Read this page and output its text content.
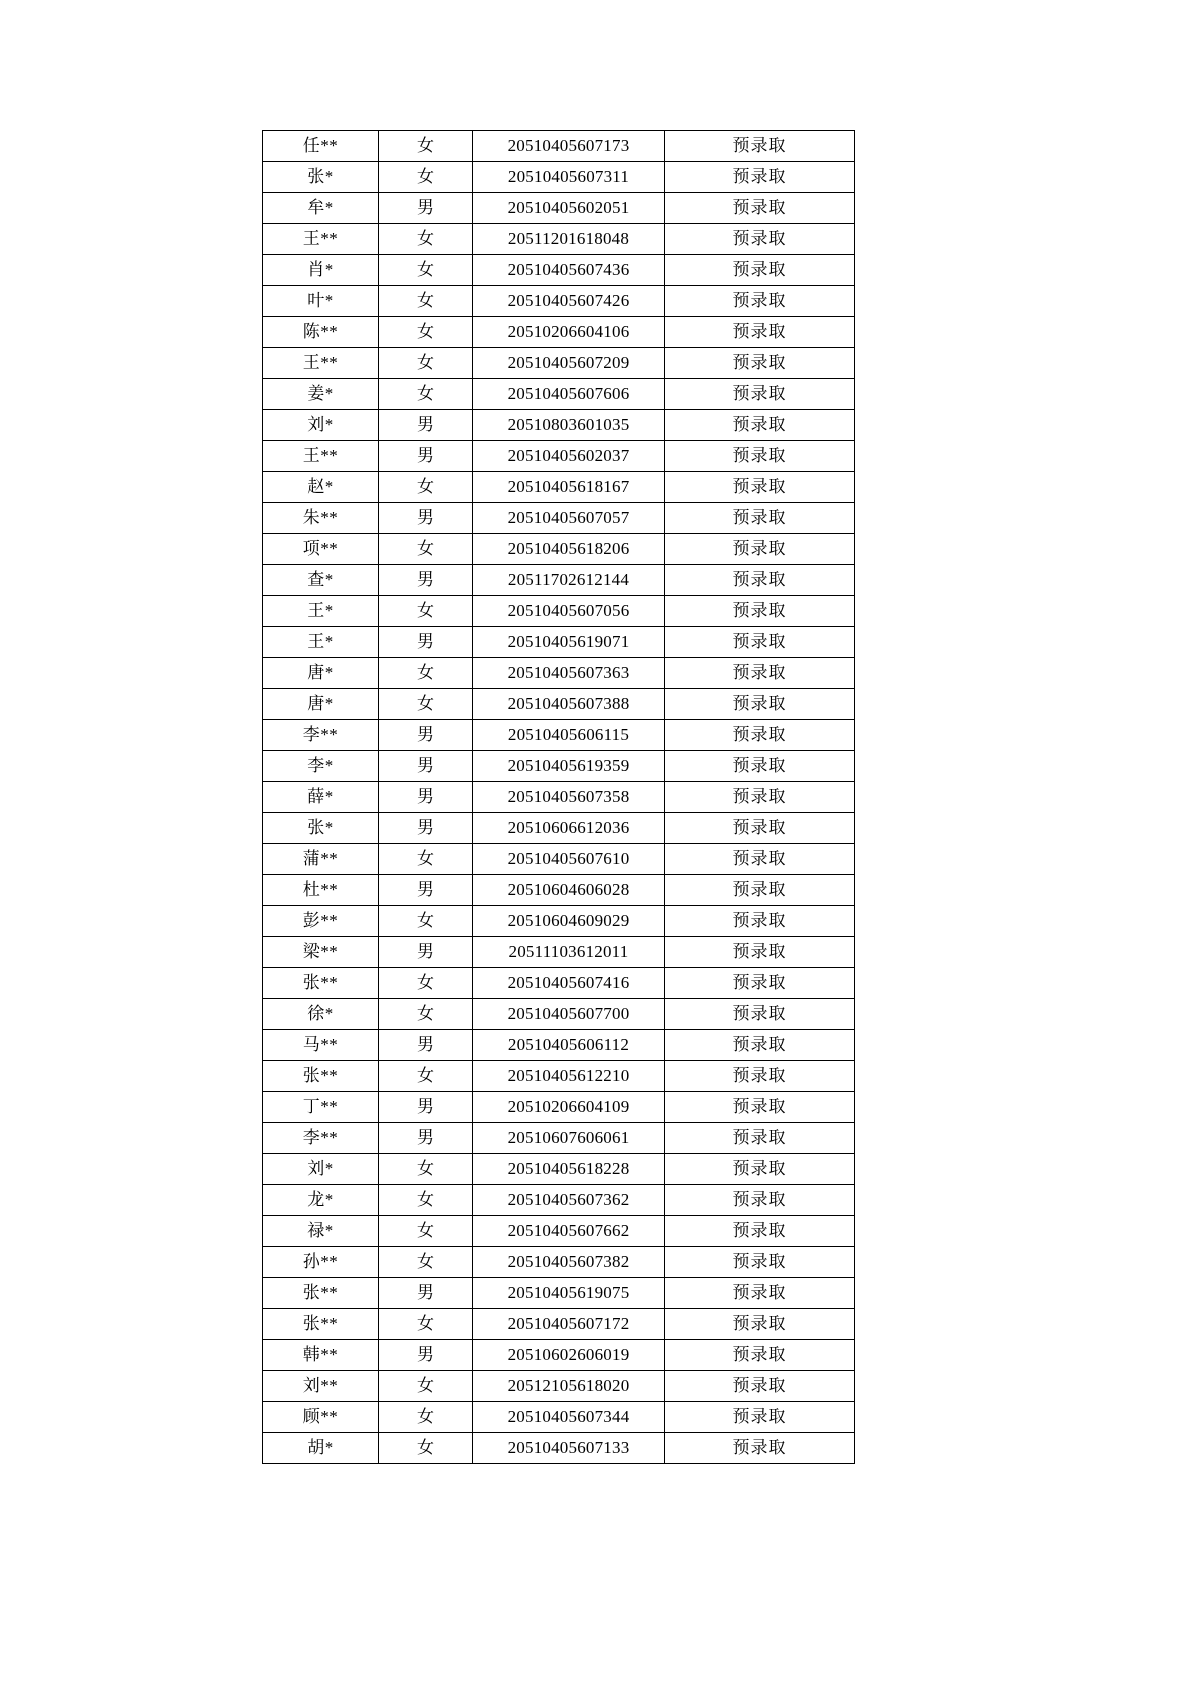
任**	女	20510405607173	预录取
张*	女	20510405607311	预录取
牟*	男	20510405602051	预录取
王**	女	20511201618048	预录取
肖*	女	20510405607436	预录取
叶*	女	20510405607426	预录取
陈**	女	20510206604106	预录取
王**	女	20510405607209	预录取
姜*	女	20510405607606	预录取
刘*	男	20510803601035	预录取
王**	男	20510405602037	预录取
赵*	女	20510405618167	预录取
朱**	男	20510405607057	预录取
项**	女	20510405618206	预录取
查*	男	20511702612144	预录取
王*	女	20510405607056	预录取
王*	男	20510405619071	预录取
唐*	女	20510405607363	预录取
唐*	女	20510405607388	预录取
李**	男	20510405606115	预录取
李*	男	20510405619359	预录取
薛*	男	20510405607358	预录取
张*	男	20510606612036	预录取
蒲**	女	20510405607610	预录取
杜**	男	20510604606028	预录取
彭**	女	20510604609029	预录取
梁**	男	20511103612011	预录取
张**	女	20510405607416	预录取
徐*	女	20510405607700	预录取
马**	男	20510405606112	预录取
张**	女	20510405612210	预录取
丁**	男	20510206604109	预录取
李**	男	20510607606061	预录取
刘*	女	20510405618228	预录取
龙*	女	20510405607362	预录取
禄*	女	20510405607662	预录取
孙**	女	20510405607382	预录取
张**	男	20510405619075	预录取
张**	女	20510405607172	预录取
韩**	男	20510602606019	预录取
刘**	女	20512105618020	预录取
顾**	女	20510405607344	预录取
胡*	女	20510405607133	预录取
